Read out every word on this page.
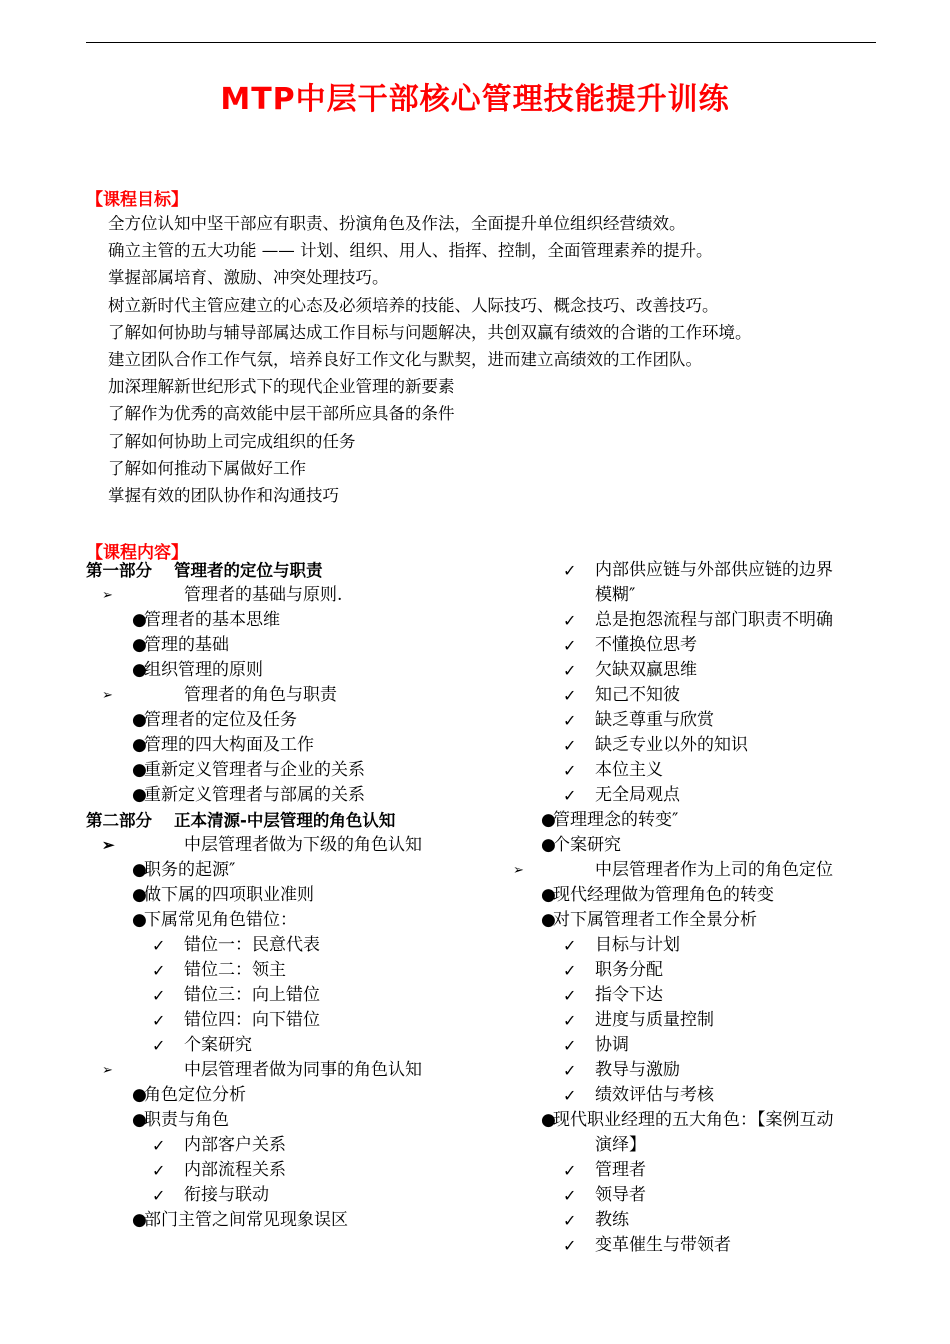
MTP中层干部核心管理技能提升训练
【课程目标】
全方位认知中坚干部应有职责、扮演角色及作法，全面提升单位组织经营绩效。
确立主管的五大功能 —— 计划、组织、用人、指挥、控制，全面管理素养的提升。
掌握部属培育、激励、冲突处理技巧。
树立新时代主管应建立的心态及必须培养的技能、人际技巧、概念技巧、改善技巧。
了解如何协助与辅导部属达成工作目标与问题解决，共创双赢有绩效的合谐的工作环境。
建立团队合作工作气氛，培养良好工作文化与默契，进而建立高绩效的工作团队。
加深理解新世纪形式下的现代企业管理的新要素
了解作为优秀的高效能中层干部所应具备的条件
了解如何协助上司完成组织的任务
了解如何推动下属做好工作
掌握有效的团队协作和沟通技巧
【课程内容】
第一部分 管理者的定位与职责
➢	管理者的基础与原则.
●
管理者的基本思维
●
管理的基础
●
组织管理的原则
➢	管理者的角色与职责
●
管理者的定位及任务
●
管理的四大构面及工作
●
重新定义管理者与企业的关系
●
重新定义管理者与部属的关系
第二部分 正本清源-中层管理的角色认知
➢	中层管理者做为下级的角色认知
●
职务的起源″
●
做下属的四项职业准则
●
下属常见角色错位：
✓ 错位一：民意代表
✓ 错位二：领主
✓ 错位三：向上错位
✓ 错位四：向下错位
✓ 个案研究
➢	中层管理者做为同事的角色认知
●
角色定位分析
●
职责与角色
✓ 内部客户关系
✓ 内部流程关系
✓ 衔接与联动
●
部门主管之间常见现象误区
✓ 内部供应链与外部供应链的边界
模糊″
✓ 总是抱怨流程与部门职责不明确
✓ 不懂换位思考
✓ 欠缺双赢思维
✓ 知己不知彼
✓ 缺乏尊重与欣赏
✓ 缺乏专业以外的知识
✓ 本位主义
✓ 无全局观点
●
管理理念的转变″
●
个案研究
➢	中层管理者作为上司的角色定位
●
现代经理做为管理角色的转变
●
对下属管理者工作全景分析
✓ 目标与计划
✓ 职务分配
✓ 指令下达
✓ 进度与质量控制
✓ 协调
✓ 教导与激励
✓ 绩效评估与考核
●
现代职业经理的五大角色：【案例互动
演绎】
✓ 管理者
✓ 领导者
✓ 教练
✓ 变革催生与带领者
